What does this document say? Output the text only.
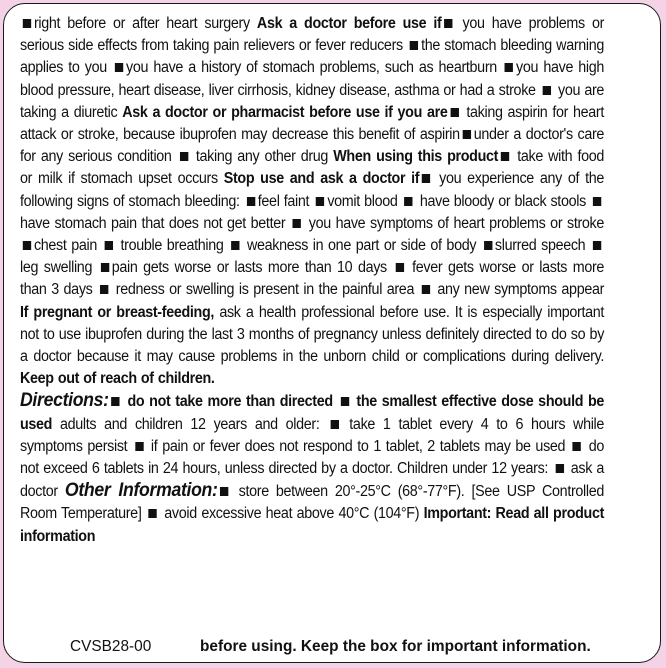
right before or after heart surgery Ask a doctor before use if you have problems or serious side effects from taking pain relievers or fever reducers the stomach bleeding warning applies to you you have a history of stomach problems, such as heartburn you have high blood pressure, heart disease, liver cirrhosis, kidney disease, asthma or had a stroke  you are taking a diuretic Ask a doctor or pharmacist before use if you are taking aspirin for heart attack or stroke, because ibuprofen may decrease this benefit of aspirin under a doctor's care for any serious condition  taking any other drug When using this product take with food or milk if stomach upset occurs Stop use and ask a doctor if you experience any of the following signs of stomach bleeding: feel faint vomit blood  have bloody or black stools have stomach pain that does not get better  you have symptoms of heart problems or stroke chest pain  trouble breathing  weakness in one part or side of body slurred speech leg swelling pain gets worse or lasts more than 10 days  fever gets worse or lasts more than 3 days  redness or swelling is present in the painful area  any new symptoms appear If pregnant or breast-feeding, ask a health professional before use. It is especially important not to use ibuprofen during the last 3 months of pregnancy unless definitely directed to do so by a doctor because it may cause problems in the unborn child or complications during delivery. Keep out of reach of children.

Directions: do not take more than directed  the smallest effective dose should be used adults and children 12 years and older:  take 1 tablet every 4 to 6 hours while symptoms persist  if pain or fever does not respond to 1 tablet, 2 tablets may be used  do not exceed 6 tablets in 24 hours, unless directed by a doctor. Children under 12 years:  ask a doctor Other Information: store between 20°-25°C (68°-77°F). [See USP Controlled Room Temperature]  avoid excessive heat above 40°C (104°F) Important: Read all product information

CVSB28-00	before using. Keep the box for important information.
